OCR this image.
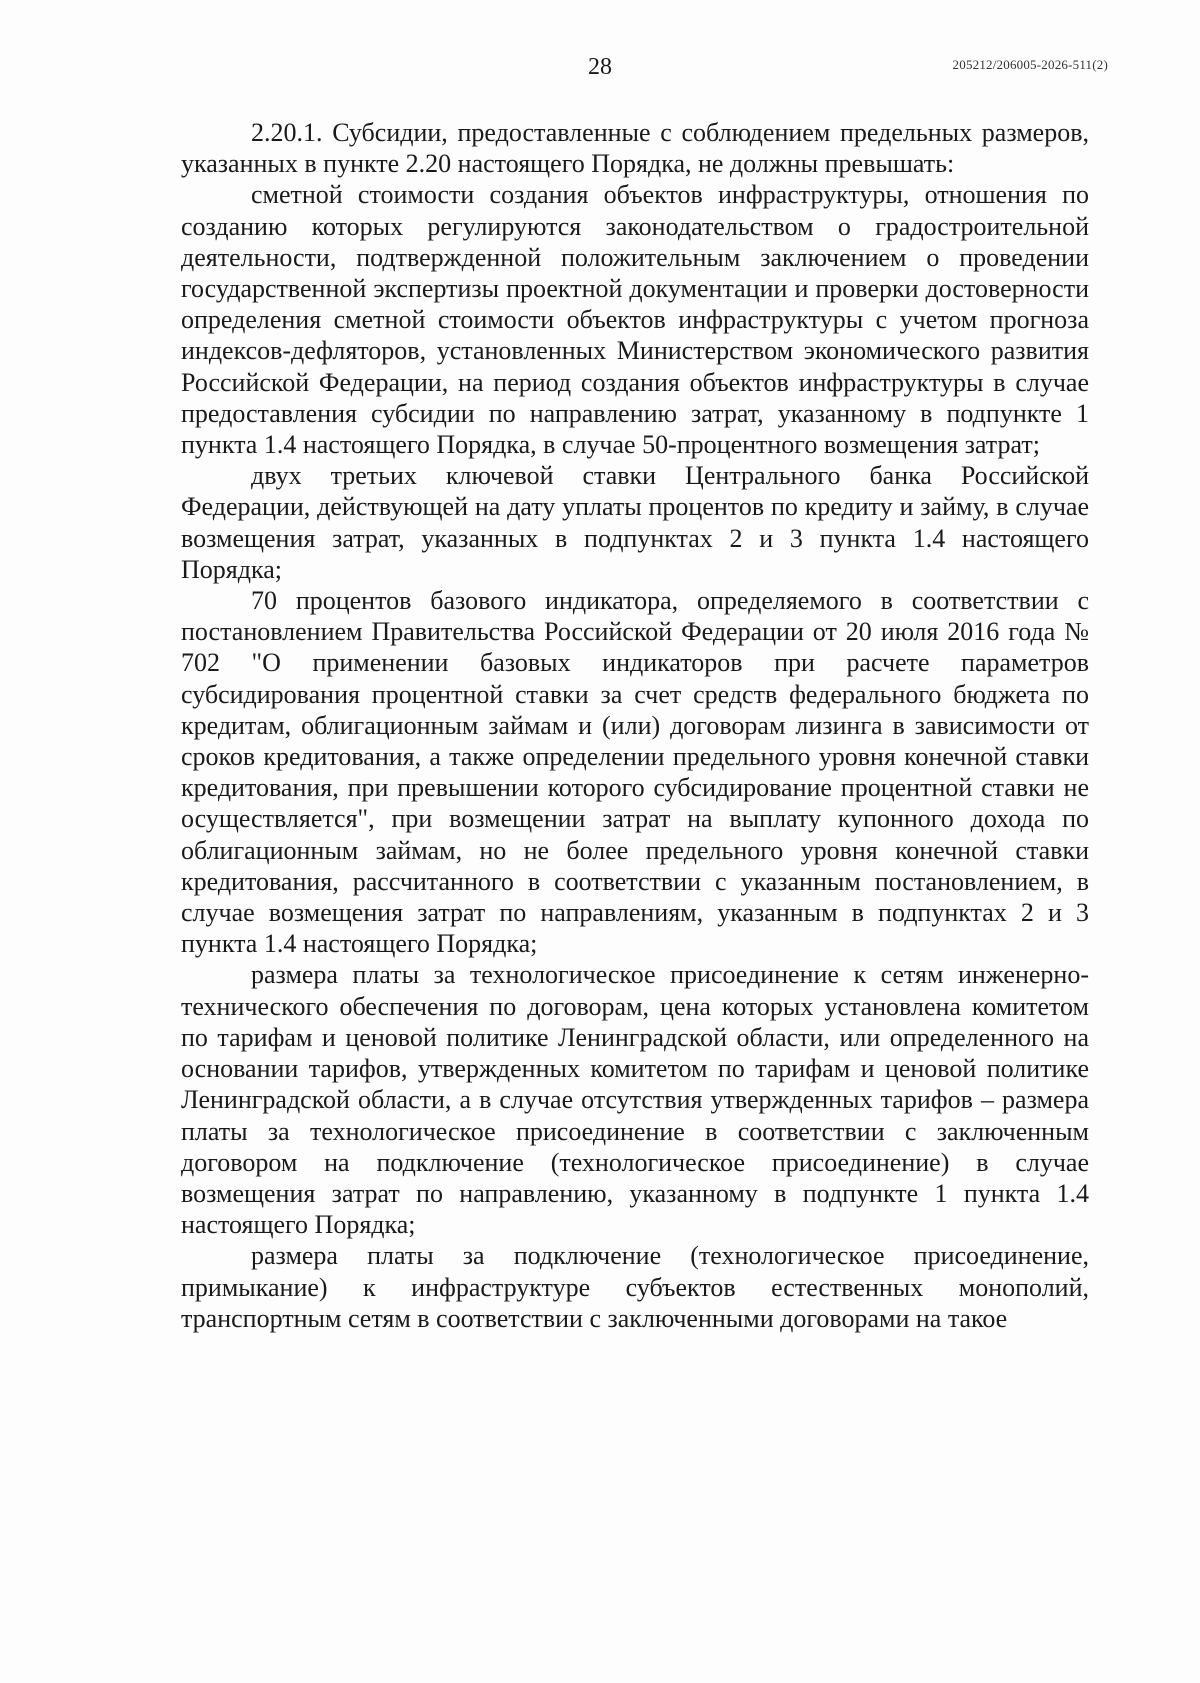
28	205212/206005-2026-511(2)

2.20.1. Субсидии, предоставленные с соблюдением предельных размеров, указанных в пункте 2.20 настоящего Порядка, не должны превышать:

сметной стоимости создания объектов инфраструктуры, отношения по созданию которых регулируются законодательством о градостроительной деятельности, подтвержденной положительным заключением о проведении государственной экспертизы проектной документации и проверки достоверности определения сметной стоимости объектов инфраструктуры с учетом прогноза индексов-дефляторов, установленных Министерством экономического развития Российской Федерации, на период создания объектов инфраструктуры в случае предоставления субсидии по направлению затрат, указанному в подпункте 1 пункта 1.4 настоящего Порядка, в случае 50-процентного возмещения затрат;

двух третьих ключевой ставки Центрального банка Российской Федерации, действующей на дату уплаты процентов по кредиту и займу, в случае возмещения затрат, указанных в подпунктах 2 и 3 пункта 1.4 настоящего Порядка;

70 процентов базового индикатора, определяемого в соответствии с постановлением Правительства Российской Федерации от 20 июля 2016 года № 702 "О применении базовых индикаторов при расчете параметров субсидирования процентной ставки за счет средств федерального бюджета по кредитам, облигационным займам и (или) договорам лизинга в зависимости от сроков кредитования, а также определении предельного уровня конечной ставки кредитования, при превышении которого субсидирование процентной ставки не осуществляется", при возмещении затрат на выплату купонного дохода по облигационным займам, но не более предельного уровня конечной ставки кредитования, рассчитанного в соответствии с указанным постановлением, в случае возмещения затрат по направлениям, указанным в подпунктах 2 и 3 пункта 1.4 настоящего Порядка;

размера платы за технологическое присоединение к сетям инженерно-технического обеспечения по договорам, цена которых установлена комитетом по тарифам и ценовой политике Ленинградской области, или определенного на основании тарифов, утвержденных комитетом по тарифам и ценовой политике Ленинградской области, а в случае отсутствия утвержденных тарифов – размера платы за технологическое присоединение в соответствии с заключенным договором на подключение (технологическое присоединение) в случае возмещения затрат по направлению, указанному в подпункте 1 пункта 1.4 настоящего Порядка;

размера платы за подключение (технологическое присоединение, примыкание) к инфраструктуре субъектов естественных монополий, транспортным сетям в соответствии с заключенными договорами на такое
